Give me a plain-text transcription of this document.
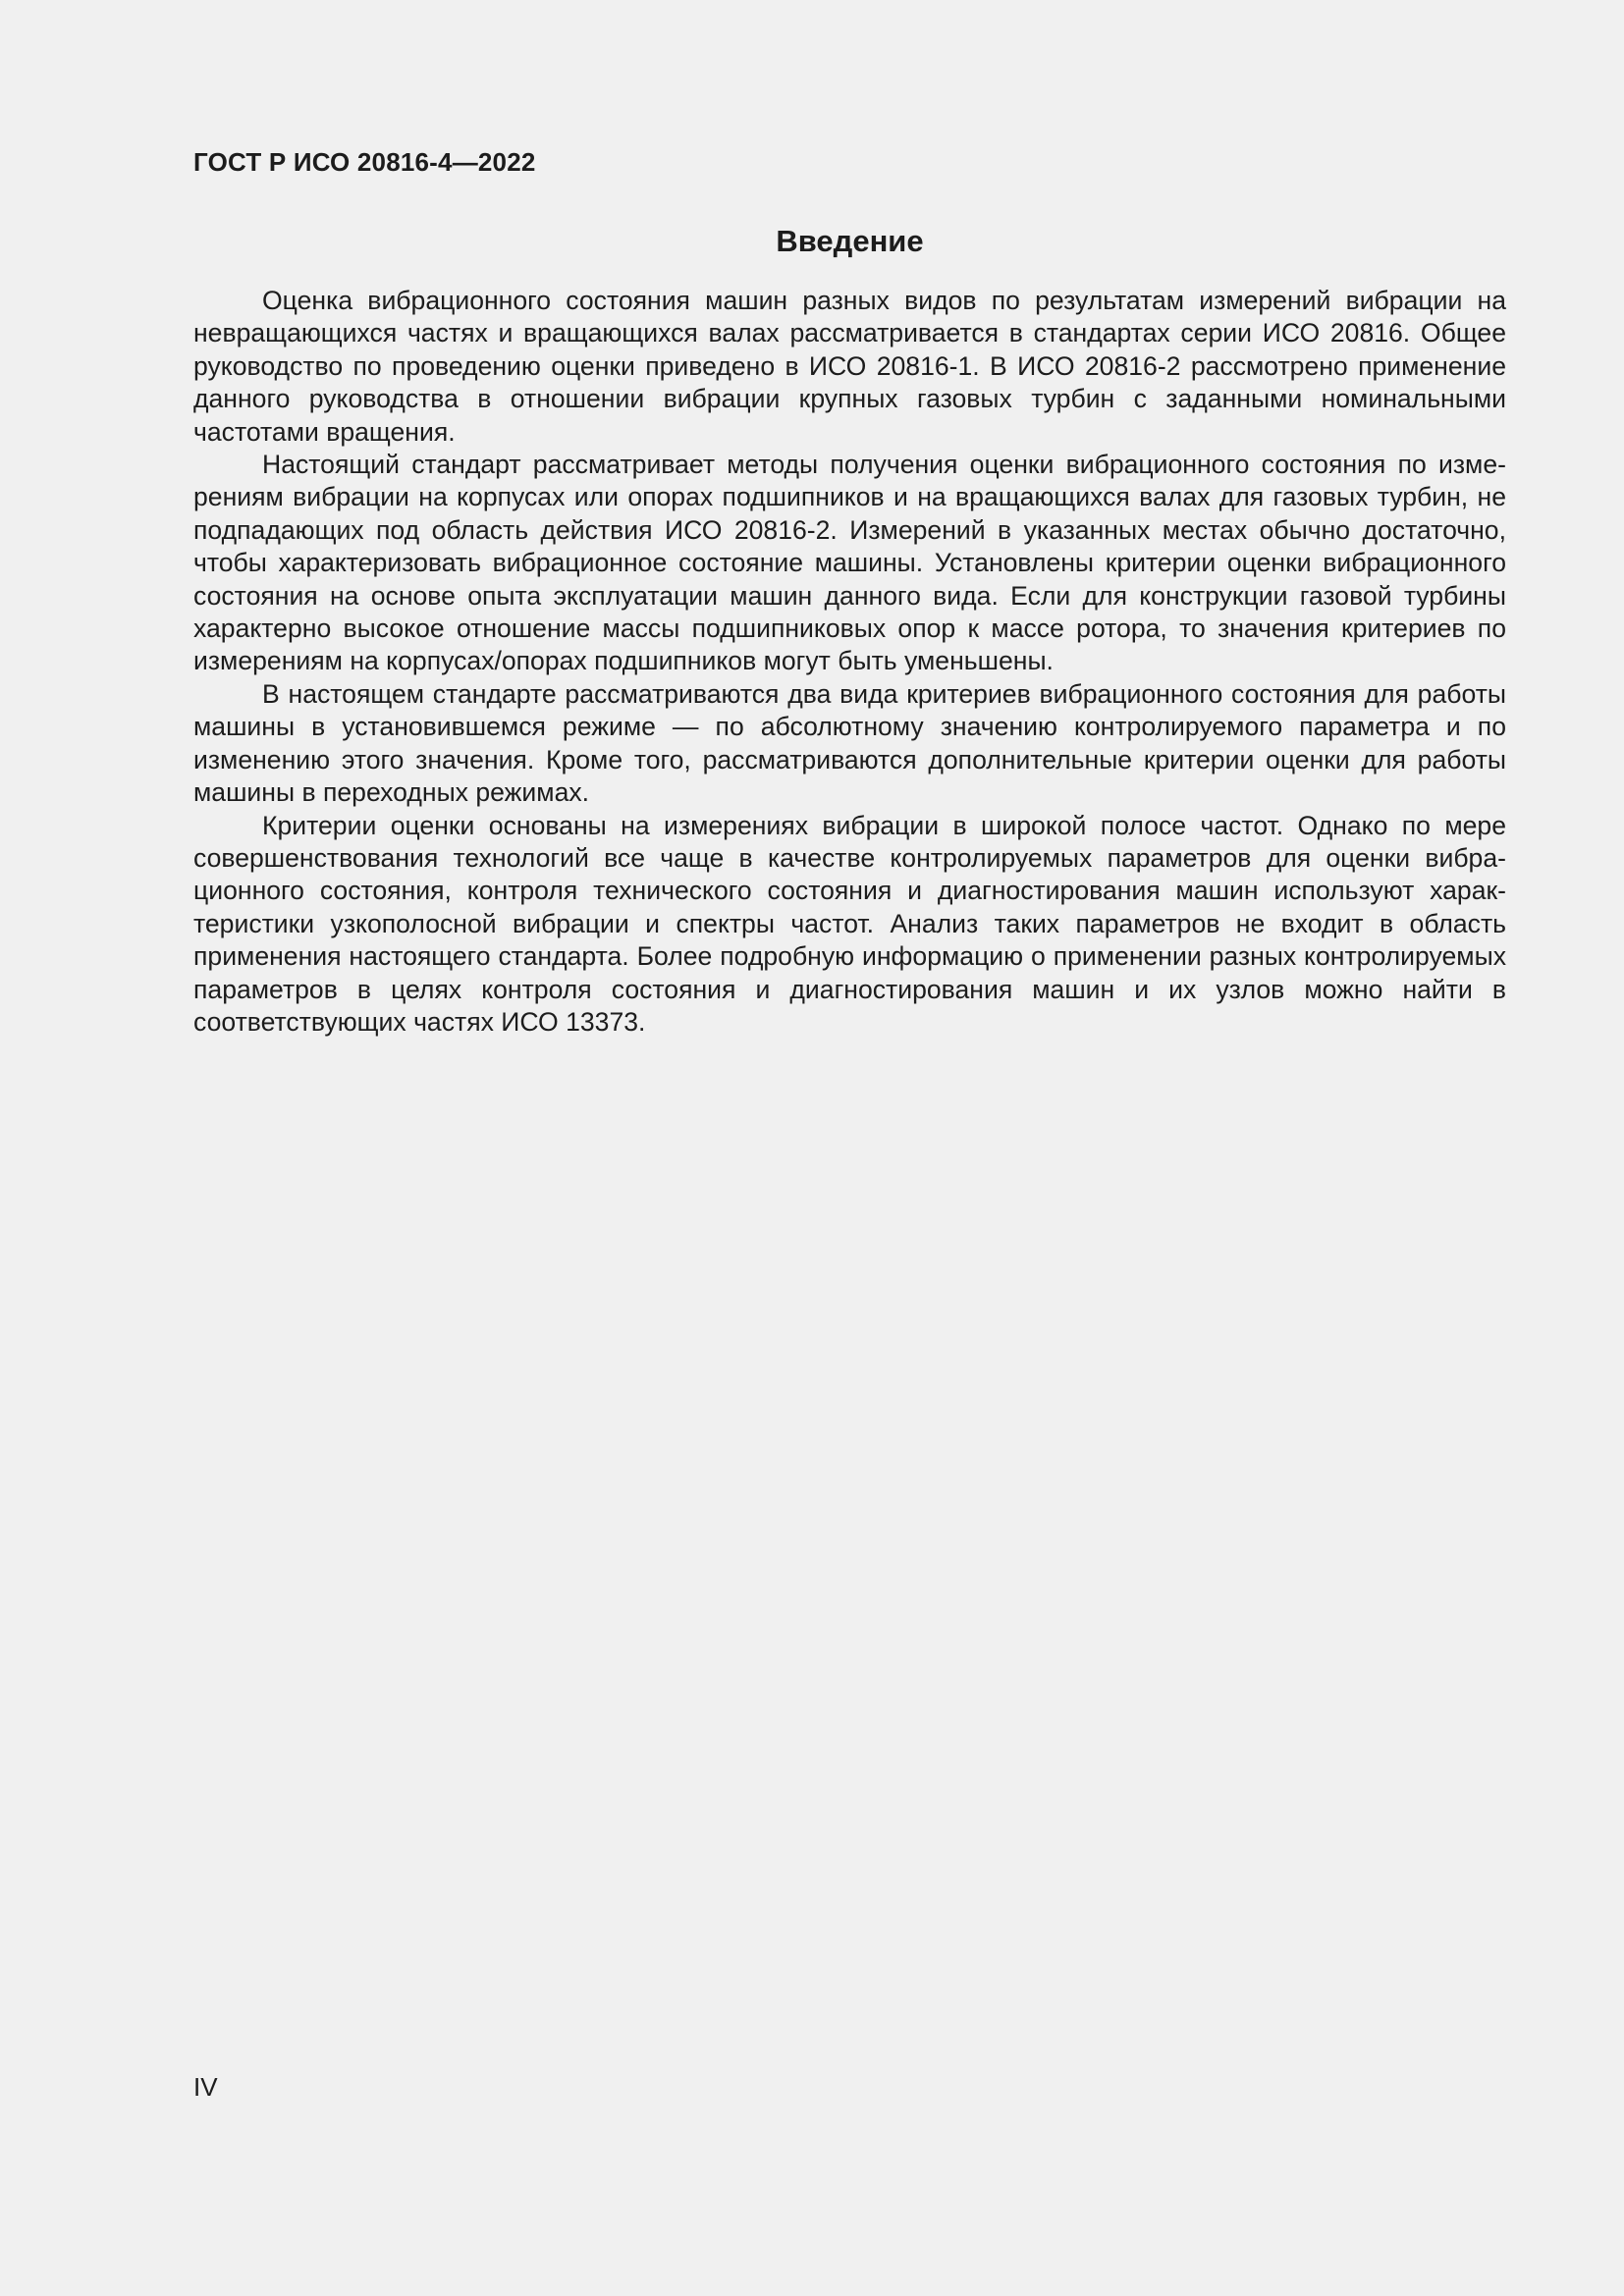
ГОСТ Р ИСО 20816-4—2022
Введение

Оценка вибрационного состояния машин разных видов по результатам измерений вибрации на невращающихся частях и вращающихся валах рассматривается в стандартах серии ИСО 20816. Общее руководство по проведению оценки приведено в ИСО 20816-1. В ИСО 20816-2 рассмотрено применение данного руководства в отношении вибрации крупных газовых турбин с заданными номинальными частотами вращения.

Настоящий стандарт рассматривает методы получения оценки вибрационного состояния по измерениям вибрации на корпусах или опорах подшипников и на вращающихся валах для газовых турбин, не подпадающих под область действия ИСО 20816-2. Измерений в указанных местах обычно достаточно, чтобы характеризовать вибрационное состояние машины. Установлены критерии оценки вибрационного состояния на основе опыта эксплуатации машин данного вида. Если для конструкции газовой турбины характерно высокое отношение массы подшипниковых опор к массе ротора, то значения критериев по измерениям на корпусах/опорах подшипников могут быть уменьшены.

В настоящем стандарте рассматриваются два вида критериев вибрационного состояния для работы машины в установившемся режиме — по абсолютному значению контролируемого параметра и по изменению этого значения. Кроме того, рассматриваются дополнительные критерии оценки для работы машины в переходных режимах.

Критерии оценки основаны на измерениях вибрации в широкой полосе частот. Однако по мере совершенствования технологий все чаще в качестве контролируемых параметров для оценки вибрационного состояния, контроля технического состояния и диагностирования машин используют характеристики узкополосной вибрации и спектры частот. Анализ таких параметров не входит в область применения настоящего стандарта. Более подробную информацию о применении разных контролируемых параметров в целях контроля состояния и диагностирования машин и их узлов можно найти в соответствующих частях ИСО 13373.

IV
